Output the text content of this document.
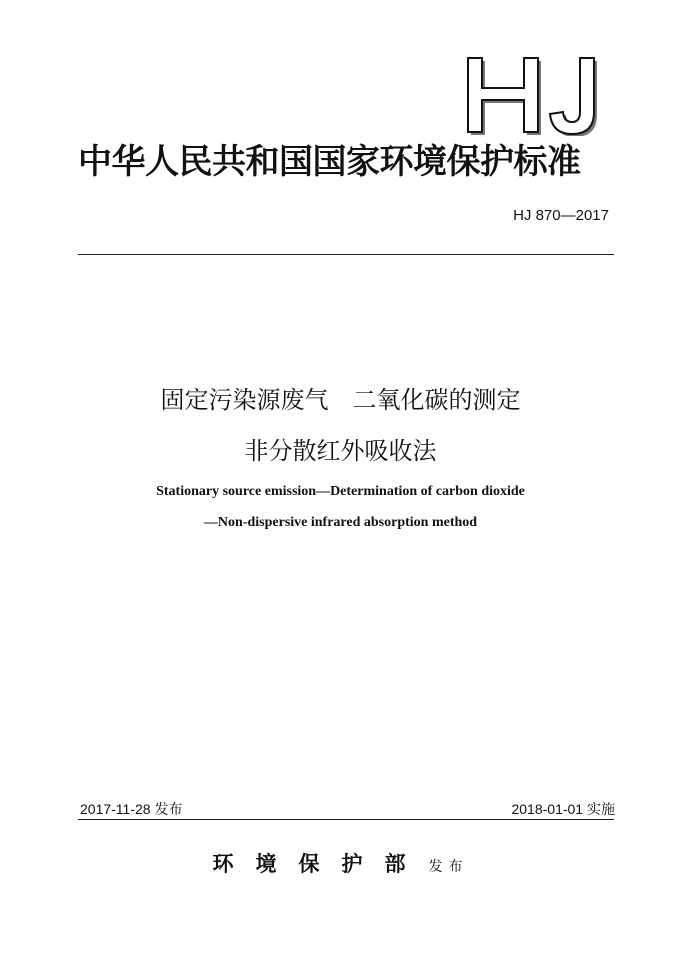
中华人民共和国国家环境保护标准
HJ 870—2017
固定污染源废气　二氧化碳的测定
非分散红外吸收法
Stationary source emission—Determination of carbon dioxide
—Non-dispersive infrared absorption method
2017-11-28 发布	2018-01-01 实施
环境保护部 发布
